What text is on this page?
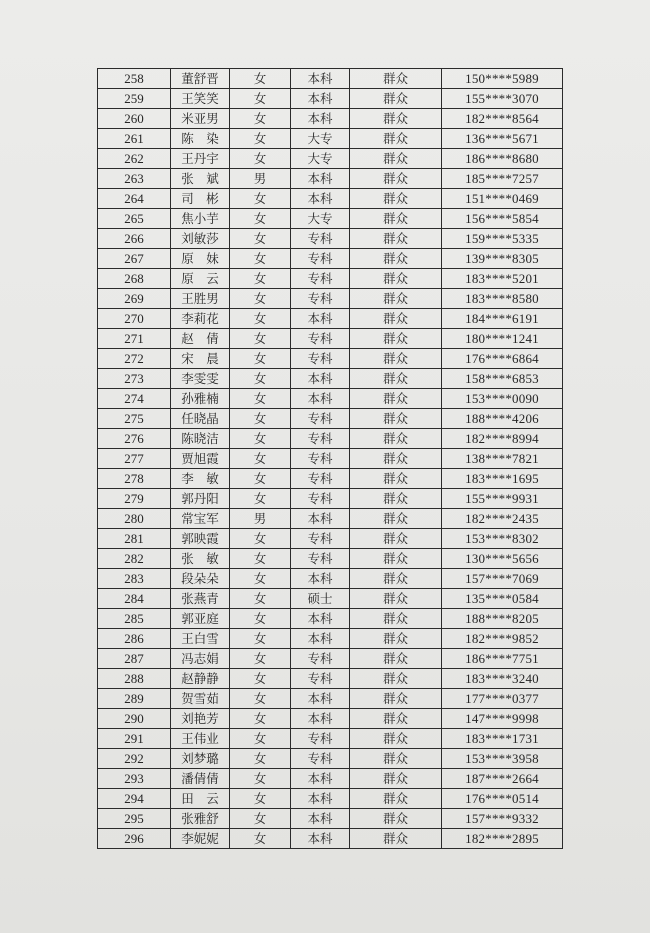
258	董舒晋	女	本科	群众	150****5989
259	王笑笑	女	本科	群众	155****3070
260	米亚男	女	本科	群众	182****8564
261	陈　染	女	大专	群众	136****5671
262	王丹宇	女	大专	群众	186****8680
263	张　斌	男	本科	群众	185****7257
264	司　彬	女	本科	群众	151****0469
265	焦小芋	女	大专	群众	156****5854
266	刘敏莎	女	专科	群众	159****5335
267	原　妹	女	专科	群众	139****8305
268	原　云	女	专科	群众	183****5201
269	王胜男	女	专科	群众	183****8580
270	李莉花	女	本科	群众	184****6191
271	赵　倩	女	专科	群众	180****1241
272	宋　晨	女	专科	群众	176****6864
273	李雯雯	女	本科	群众	158****6853
274	孙雅楠	女	本科	群众	153****0090
275	任晓晶	女	专科	群众	188****4206
276	陈晓洁	女	专科	群众	182****8994
277	贾旭霞	女	专科	群众	138****7821
278	李　敏	女	专科	群众	183****1695
279	郭丹阳	女	专科	群众	155****9931
280	常宝军	男	本科	群众	182****2435
281	郭映霞	女	专科	群众	153****8302
282	张　敏	女	专科	群众	130****5656
283	段朵朵	女	本科	群众	157****7069
284	张燕青	女	硕士	群众	135****0584
285	郭亚庭	女	本科	群众	188****8205
286	王白雪	女	本科	群众	182****9852
287	冯志娟	女	专科	群众	186****7751
288	赵静静	女	专科	群众	183****3240
289	贺雪茹	女	本科	群众	177****0377
290	刘艳芳	女	本科	群众	147****9998
291	王伟业	女	专科	群众	183****1731
292	刘梦璐	女	专科	群众	153****3958
293	潘倩倩	女	本科	群众	187****2664
294	田　云	女	本科	群众	176****0514
295	张雅舒	女	本科	群众	157****9332
296	李妮妮	女	本科	群众	182****2895
